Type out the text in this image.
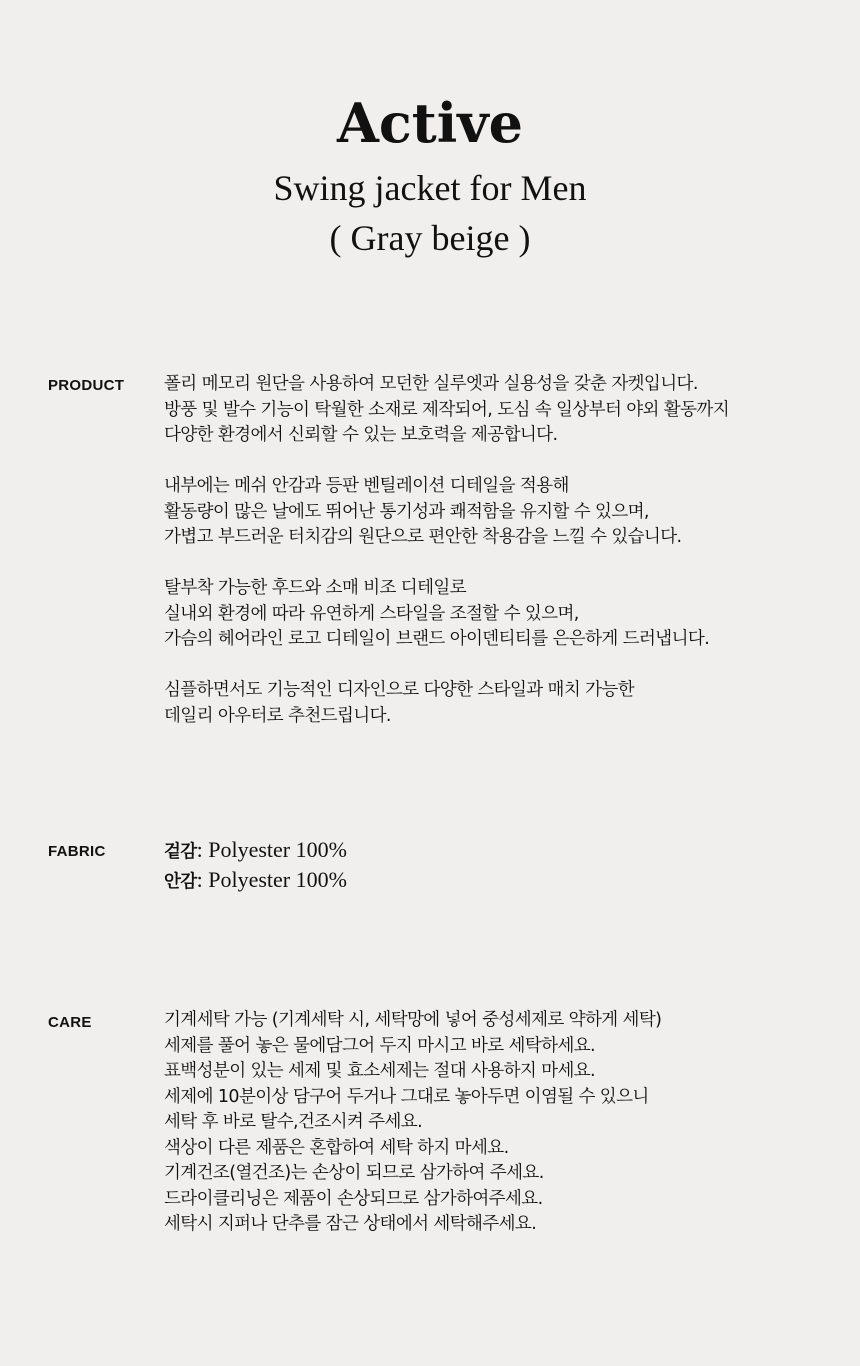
Active
Swing jacket for Men
( Gray beige )
PRODUCT 폴리 메모리 원단을 사용하여 모던한 실루엣과 실용성을 갖춘 자켓입니다.
방풍 및 발수 기능이 탁월한 소재로 제작되어, 도심 속 일상부터 야외 활동까지
다양한 환경에서 신뢰할 수 있는 보호력을 제공합니다.
내부에는 메쉬 안감과 등판 벤틸레이션 디테일을 적용해
활동량이 많은 날에도 뛰어난 통기성과 쾌적함을 유지할 수 있으며,
가볍고 부드러운 터치감의 원단으로 편안한 착용감을 느낄 수 있습니다.
탈부착 가능한 후드와 소매 비조 디테일로
실내외 환경에 따라 유연하게 스타일을 조절할 수 있으며,
가슴의 헤어라인 로고 디테일이 브랜드 아이덴티티를 은은하게 드러냅니다.
심플하면서도 기능적인 디자인으로 다양한 스타일과 매치 가능한
데일리 아우터로 추천드립니다.
FABRIC	겉감: Polyester 100%
안감: Polyester 100%
CARE	기계세탁 가능 (기계세탁 시, 세탁망에 넣어 중성세제로 약하게 세탁)
세제를 풀어 놓은 물에담그어 두지 마시고 바로 세탁하세요.
표백성분이 있는 세제 및 효소세제는 절대 사용하지 마세요.
세제에 10분이상 담구어 두거나 그대로 놓아두면 이염될 수 있으니
세탁 후 바로 탈수,건조시켜 주세요.
색상이 다른 제품은 혼합하여 세탁 하지 마세요.
기계건조(열건조)는 손상이 되므로 삼가하여 주세요.
드라이클리닝은 제품이 손상되므로 삼가하여주세요.
세탁시 지퍼나 단추를 잠근 상태에서 세탁해주세요.
